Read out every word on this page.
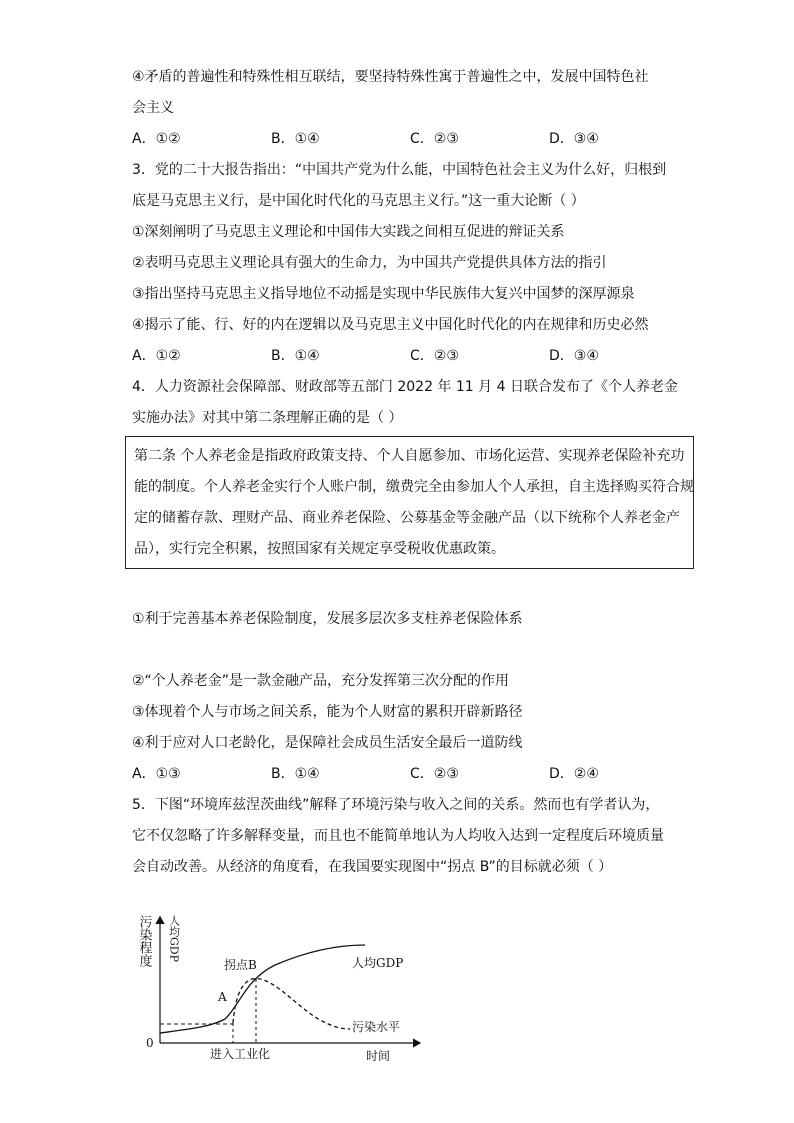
④矛盾的普遍性和特殊性相互联结，要坚持特殊性寓于普遍性之中，发展中国特色社
会主义
A．①②	B．①④	C．②③	D．③④
3．党的二十大报告指出：“中国共产党为什么能，中国特色社会主义为什么好，归根到
底是马克思主义行，是中国化时代化的马克思主义行。”这一重大论断（ ）
①深刻阐明了马克思主义理论和中国伟大实践之间相互促进的辩证关系
②表明马克思主义理论具有强大的生命力，为中国共产党提供具体方法的指引
③指出坚持马克思主义指导地位不动摇是实现中华民族伟大复兴中国梦的深厚源泉
④揭示了能、行、好的内在逻辑以及马克思主义中国化时代化的内在规律和历史必然
A．①②	B．①④	C．②③	D．③④
4．人力资源社会保障部、财政部等五部门 2022 年 11 月 4 日联合发布了《个人养老金
实施办法》对其中第二条理解正确的是（ ）
第二条 个人养老金是指政府政策支持、个人自愿参加、市场化运营、实现养老保险补充功
能的制度。个人养老金实行个人账户制，缴费完全由参加人个人承担，自主选择购买符合规
定的储蓄存款、理财产品、商业养老保险、公募基金等金融产品（以下统称个人养老金产
品），实行完全积累，按照国家有关规定享受税收优惠政策。
①利于完善基本养老保险制度，发展多层次多支柱养老保险体系
②“个人养老金”是一款金融产品，充分发挥第三次分配的作用
③体现着个人与市场之间关系，能为个人财富的累积开辟新路径
④利于应对人口老龄化，是保障社会成员生活安全最后一道防线
A．①③	B．①④	C．②③	D．②④
5．下图“环境库兹涅茨曲线”解释了环境污染与收入之间的关系。然而也有学者认为，
它不仅忽略了许多解释变量，而且也不能简单地认为人均收入达到一定程度后环境质量
会自动改善。从经济的角度看，在我国要实现图中“拐点 B”的目标就必须（ ）
污染程度 人均GDP
0
A
拐点B	人均GDP
污染水平
进入工业化	时间
